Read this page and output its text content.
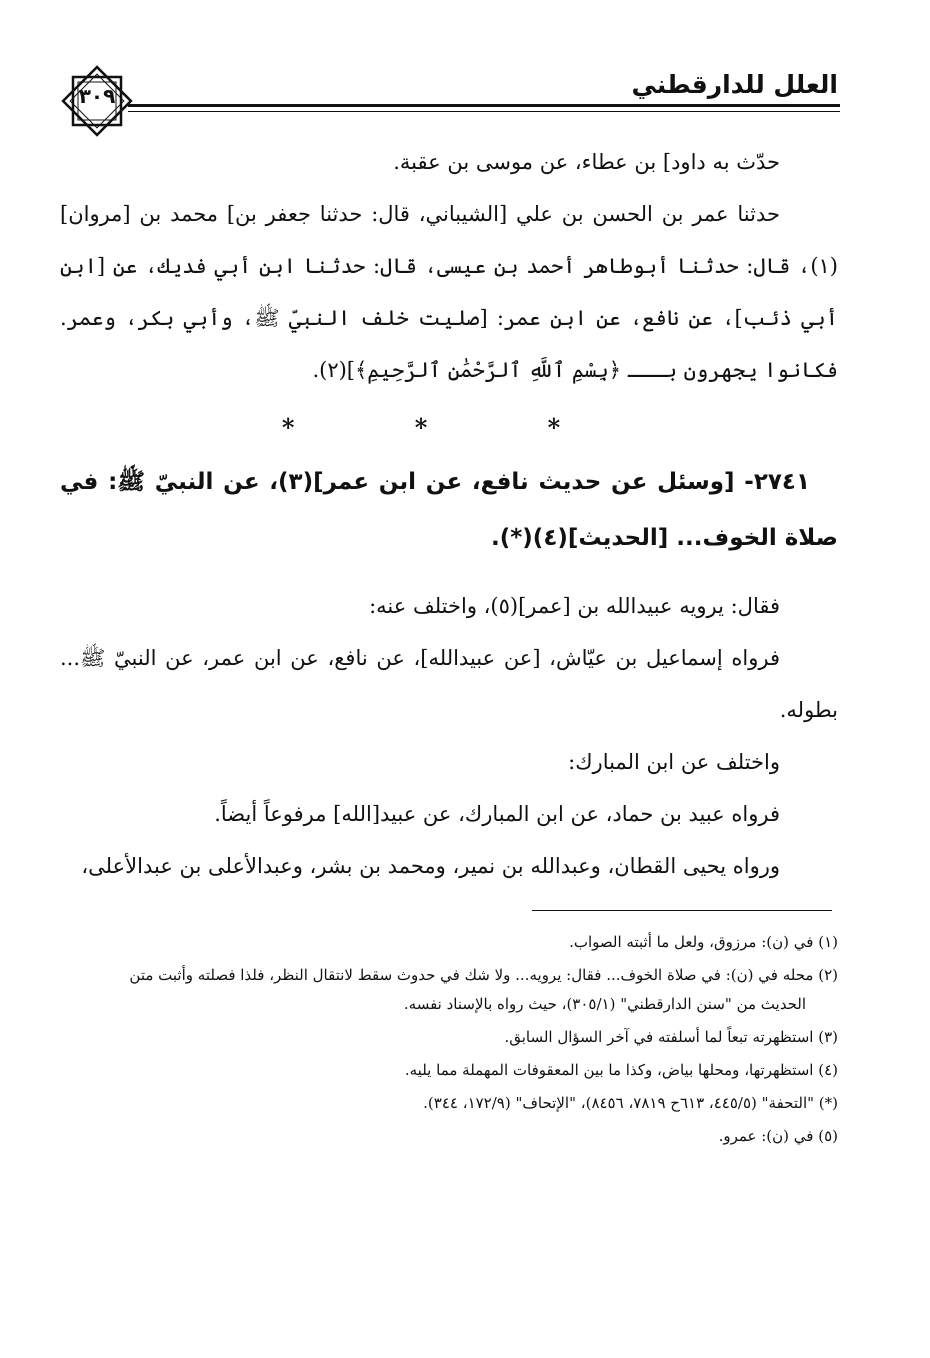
العلل للدارقطني
٣٠٩

حدّث به داود] بن عطاء، عن موسى بن عقبة.

حدثنا عمر بن الحسن بن علي [الشيباني، قال: حدثنا جعفر بن] محمد بن [مروان](١)، قال: حدثنا أبوطاهر أحمد بن عيسى، قال: حدثنا ابن أبي فديك، عن [ابن أبي ذئب]، عن نافع، عن ابن عمر: [صليت خلف النبيّ ﷺ، وأبي بكر، وعمر. فكانوا يجهرون بـــ ﴿بِسْمِ ٱللَّهِ ٱلرَّحْمَٰنِ ٱلرَّحِيمِ﴾](٢).

* * *

٢٧٤١- [وسئل عن حديث نافع، عن ابن عمر](٣)، عن النبيّ ﷺ: في صلاة الخوف... [الحديث](٤)(*).

فقال: يرويه عبيدالله بن [عمر](٥)، واختلف عنه:

فرواه إسماعيل بن عيّاش، [عن عبيدالله]، عن نافع، عن ابن عمر، عن النبيّ ﷺ... بطوله.

واختلف عن ابن المبارك:

فرواه عبيد بن حماد، عن ابن المبارك، عن عبيد[الله] مرفوعاً أيضاً.

ورواه يحيى القطان، وعبدالله بن نمير، ومحمد بن بشر، وعبدالأعلى بن عبدالأعلى،

(١) في (ن): مرزوق، ولعل ما أثبته الصواب.

(٢) محله في (ن): في صلاة الخوف... فقال: يرويه... ولا شك في حدوث سقط لانتقال النظر، فلذا فصلته وأثبت متن

الحديث من "سنن الدارقطني" (٣٠٥/١)، حيث رواه بالإسناد نفسه.

(٣) استظهرته تبعاً لما أسلفته في آخر السؤال السابق.

(٤) استظهرتها، ومحلها بياض، وكذا ما بين المعقوفات المهملة مما يليه.

(*) "التحفة" (٤٤٥/٥، ٦١٣ح ٧٨١٩، ٨٤٥٦)، "الإتحاف" (١٧٢/٩، ٣٤٤).

(٥) في (ن): عمرو.
